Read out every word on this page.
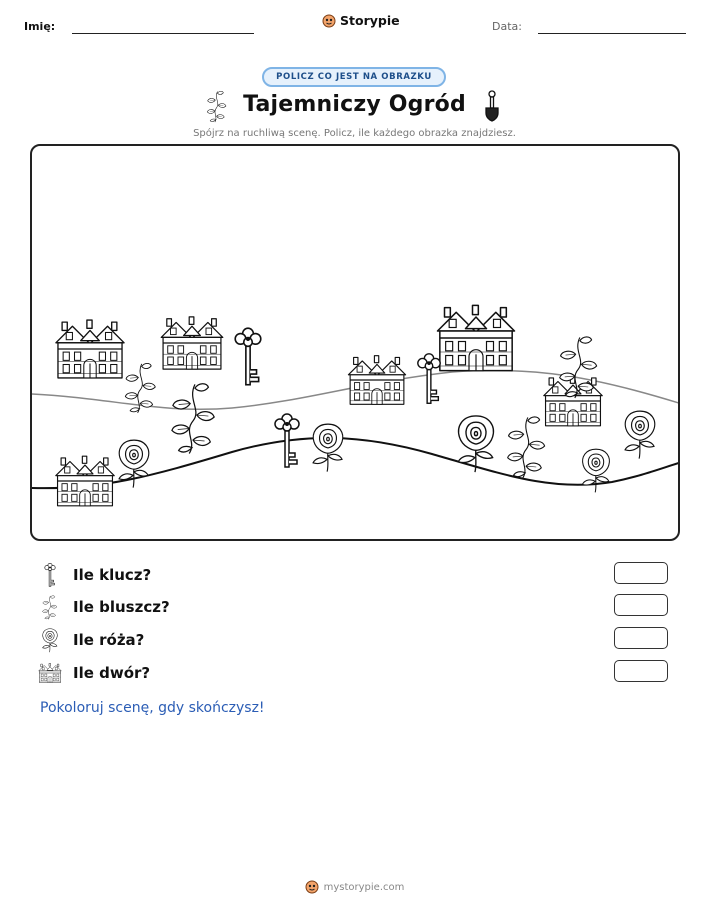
Imię:	Storypie	Data:
POLICZ CO JEST NA OBRAZKU
Tajemniczy Ogród
Spójrz na ruchliwą scenę. Policz, ile każdego obrazka znajdziesz.
Ile klucz?
Ile bluszcz?
Ile róża?
Ile dwór?
Pokoloruj scenę, gdy skończysz!
mystorypie.com
